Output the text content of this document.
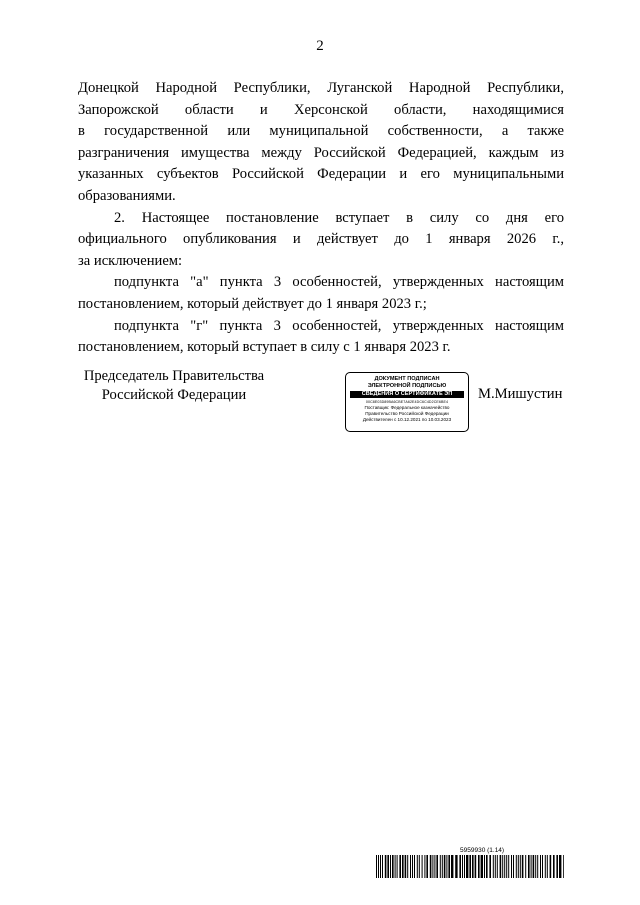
2

Донецкой Народной Республики, Луганской Народной Республики,
Запорожской области и Херсонской области, находящимися
в государственной или муниципальной собственности, а также
разграничения имущества между Российской Федерацией, каждым из
указанных субъектов Российской Федерации и его муниципальными
образованиями.

2. Настоящее постановление вступает в силу со дня его
официального опубликования и действует до 1 января 2026 г.,
за исключением:

подпункта "а" пункта 3 особенностей, утвержденных настоящим
постановлением, который действует до 1 января 2023 г.;

подпункта "г" пункта 3 особенностей, утвержденных настоящим
постановлением, который вступает в силу с 1 января 2023 г.

Председатель Правительства
Российской Федерации
ДОКУМЕНТ ПОДПИСАН
ЭЛЕКТРОННОЙ ПОДПИСЬЮ
СВЕДЕНИЯ О СЕРТИФИКАТЕ ЭП
00C8E03D89BA6CBE7A62E4DC6C4D2CE6BE4
Поставщик: Федеральное казначейство
Правительство Российской Федерации
Действителен с 10.12.2021 по 10.03.2023
М.Мишустин
5959930 (1.14)
